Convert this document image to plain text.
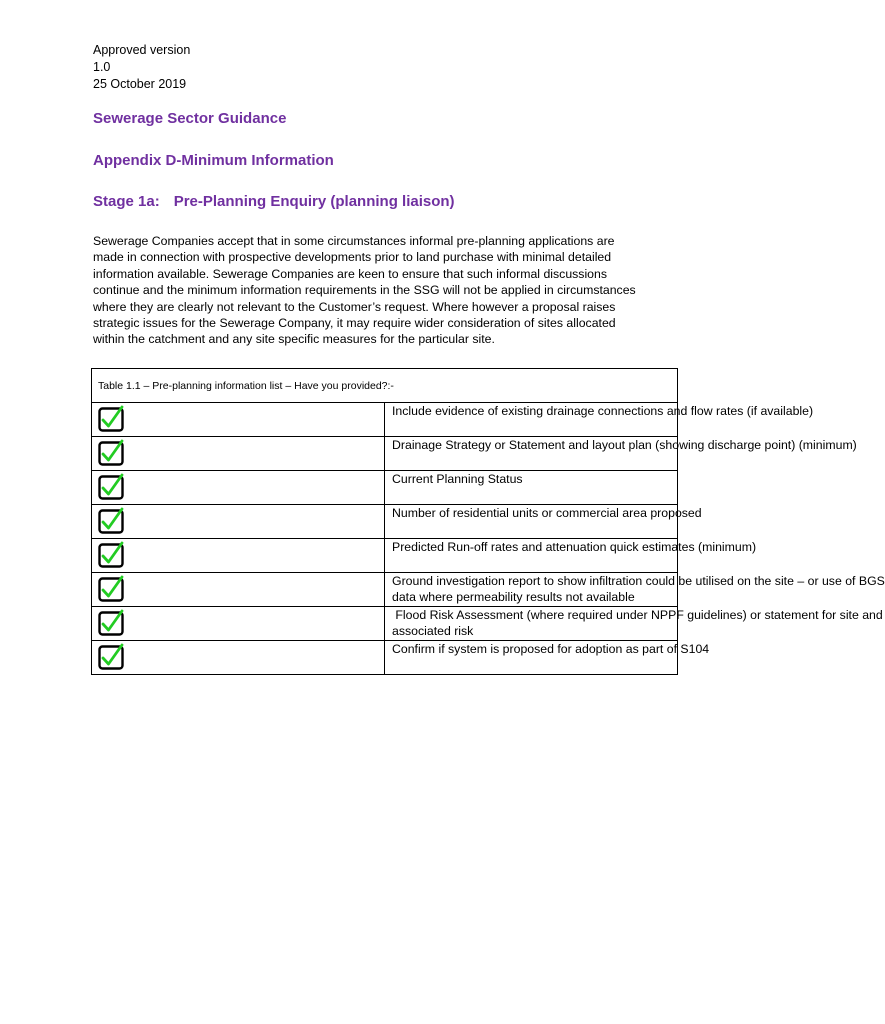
Approved version
1.0
25 October 2019
Sewerage Sector Guidance
Appendix D-Minimum Information
Stage 1a: Pre-Planning Enquiry (planning liaison)
Sewerage Companies accept that in some circumstances informal pre-planning applications are
made in connection with prospective developments prior to land purchase with minimal detailed
information available. Sewerage Companies are keen to ensure that such informal discussions
continue and the minimum information requirements in the SSG will not be applied in circumstances
where they are clearly not relevant to the Customer’s request. Where however a proposal raises
strategic issues for the Sewerage Company, it may require wider consideration of sites allocated
within the catchment and any site specific measures for the particular site.
Table 1.1 – Pre-planning information list – Have you provided?:-	

Include evidence of existing drainage connections and flow rates (if available)

Drainage Strategy or Statement and layout plan (showing discharge point) (minimum)

Current Planning Status

Number of residential units or commercial area proposed

Predicted Run-off rates and attenuation quick estimates (minimum)

Ground investigation report to show infiltration could be utilised on the site – or use of BGS
data where permeability results not available

Flood Risk Assessment (where required under NPPF guidelines) or statement for site and
associated risk

Confirm if system is proposed for adoption as part of S104
